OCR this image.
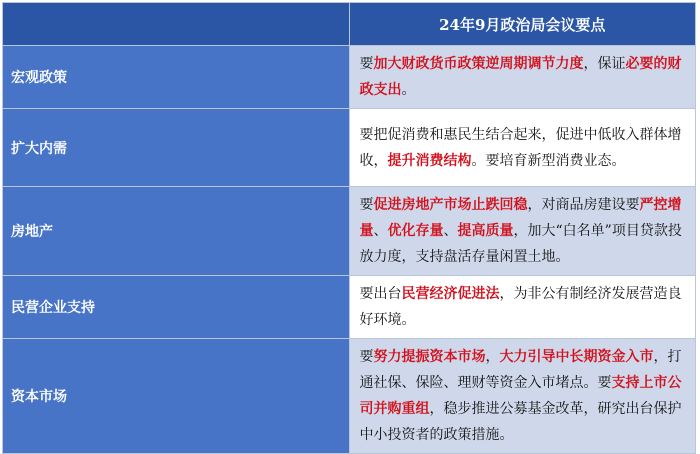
	24年9月政治局会议要点
宏观政策	要加大财政货币政策逆周期调节力度，保证必要的财政支出。
扩大内需	要把促消费和惠民生结合起来，促进中低收入群体增收，提升消费结构。要培育新型消费业态。
房地产	要促进房地产市场止跌回稳，对商品房建设要严控增量、优化存量、提高质量，加大“白名单”项目贷款投放力度，支持盘活存量闲置土地。
民营企业支持	要出台民营经济促进法，为非公有制经济发展营造良好环境。
资本市场	要努力提振资本市场，大力引导中长期资金入市，打通社保、保险、理财等资金入市堵点。要支持上市公司并购重组，稳步推进公募基金改革，研究出台保护中小投资者的政策措施。
